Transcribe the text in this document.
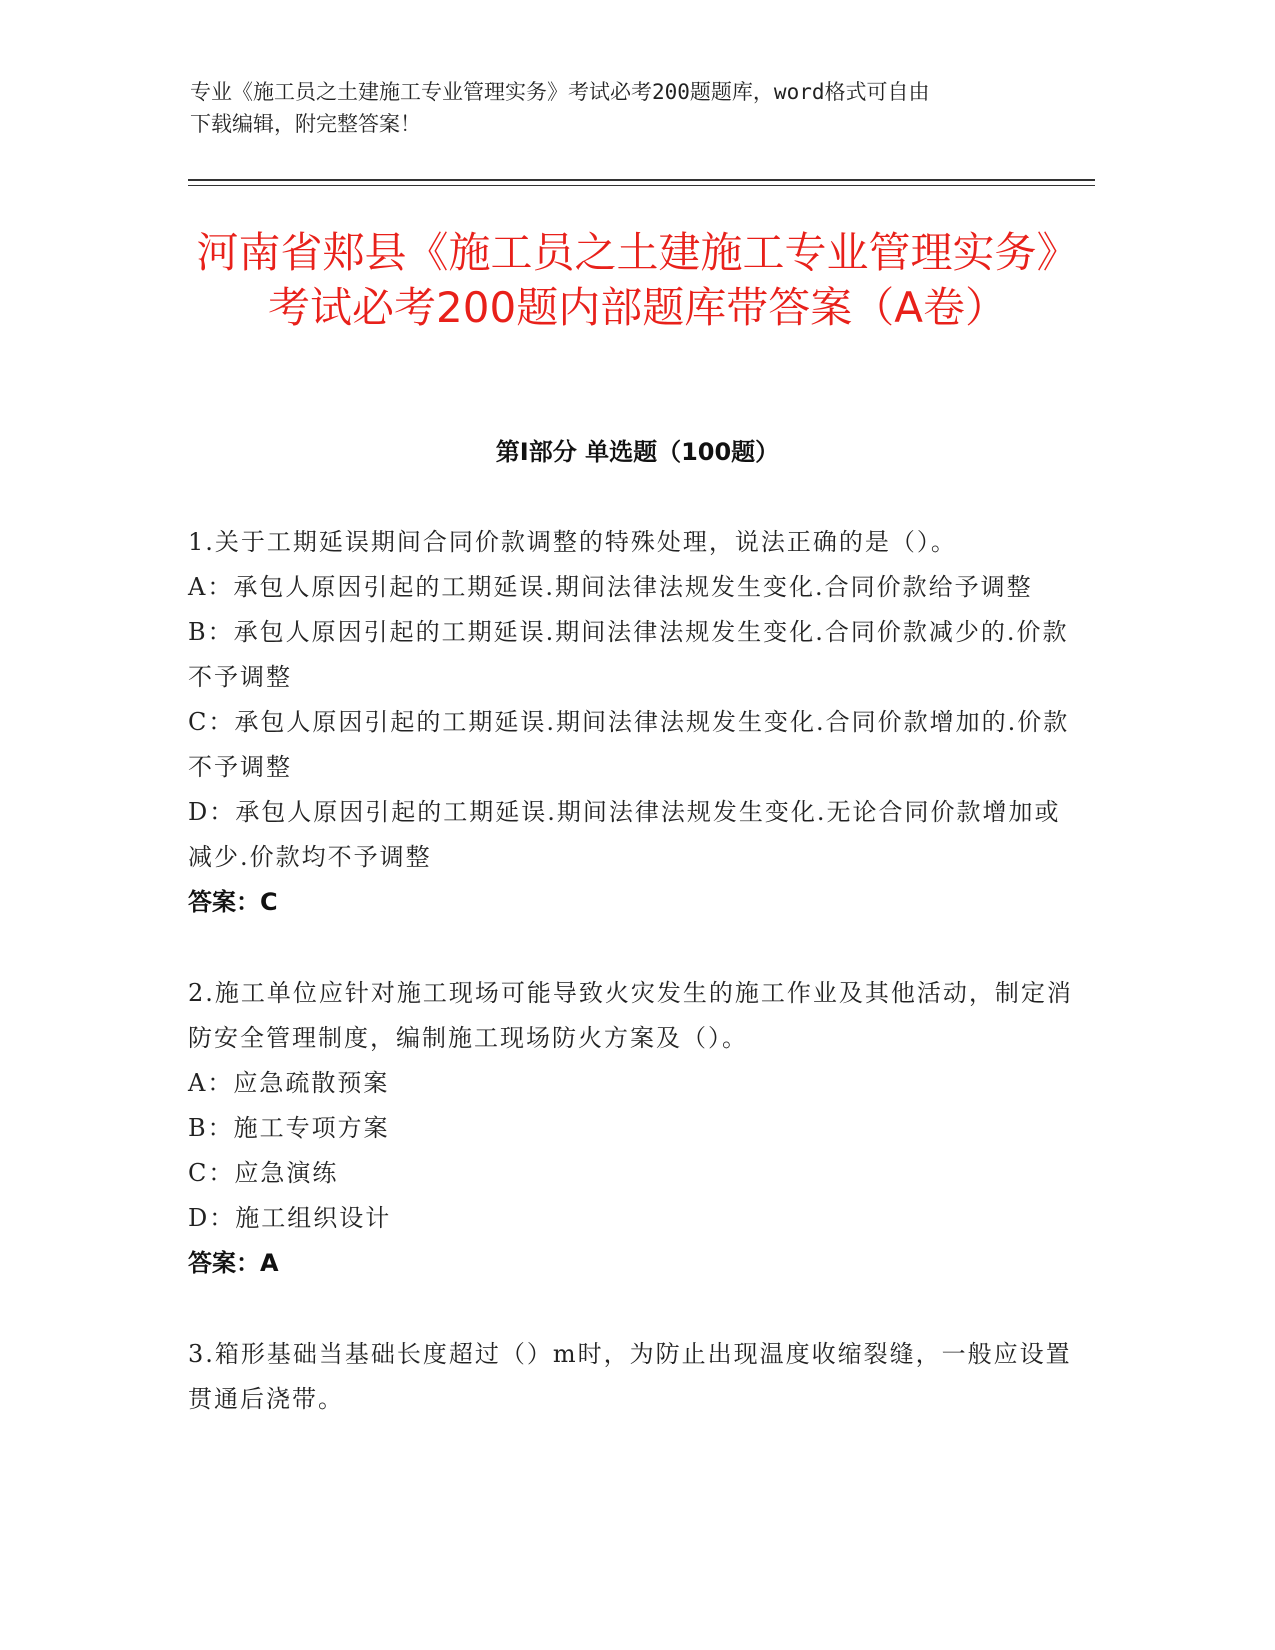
专业《施工员之土建施工专业管理实务》考试必考200题题库，word格式可自由
下载编辑，附完整答案！

河南省郏县《施工员之土建施工专业管理实务》考试必考200题内部题库带答案（A卷）
第I部分 单选题（100题）

1.关于工期延误期间合同价款调整的特殊处理，说法正确的是（）。

A：承包人原因引起的工期延误.期间法律法规发生变化.合同价款给予调整

B：承包人原因引起的工期延误.期间法律法规发生变化.合同价款减少的.价款不予调整

C：承包人原因引起的工期延误.期间法律法规发生变化.合同价款增加的.价款不予调整

D：承包人原因引起的工期延误.期间法律法规发生变化.无论合同价款增加或减少.价款均不予调整

答案：C

2.施工单位应针对施工现场可能导致火灾发生的施工作业及其他活动，制定消防安全管理制度，编制施工现场防火方案及（）。

A：应急疏散预案

B：施工专项方案

C：应急演练

D：施工组织设计

答案：A

3.箱形基础当基础长度超过（）m时，为防止出现温度收缩裂缝，一般应设置贯通后浇带。
